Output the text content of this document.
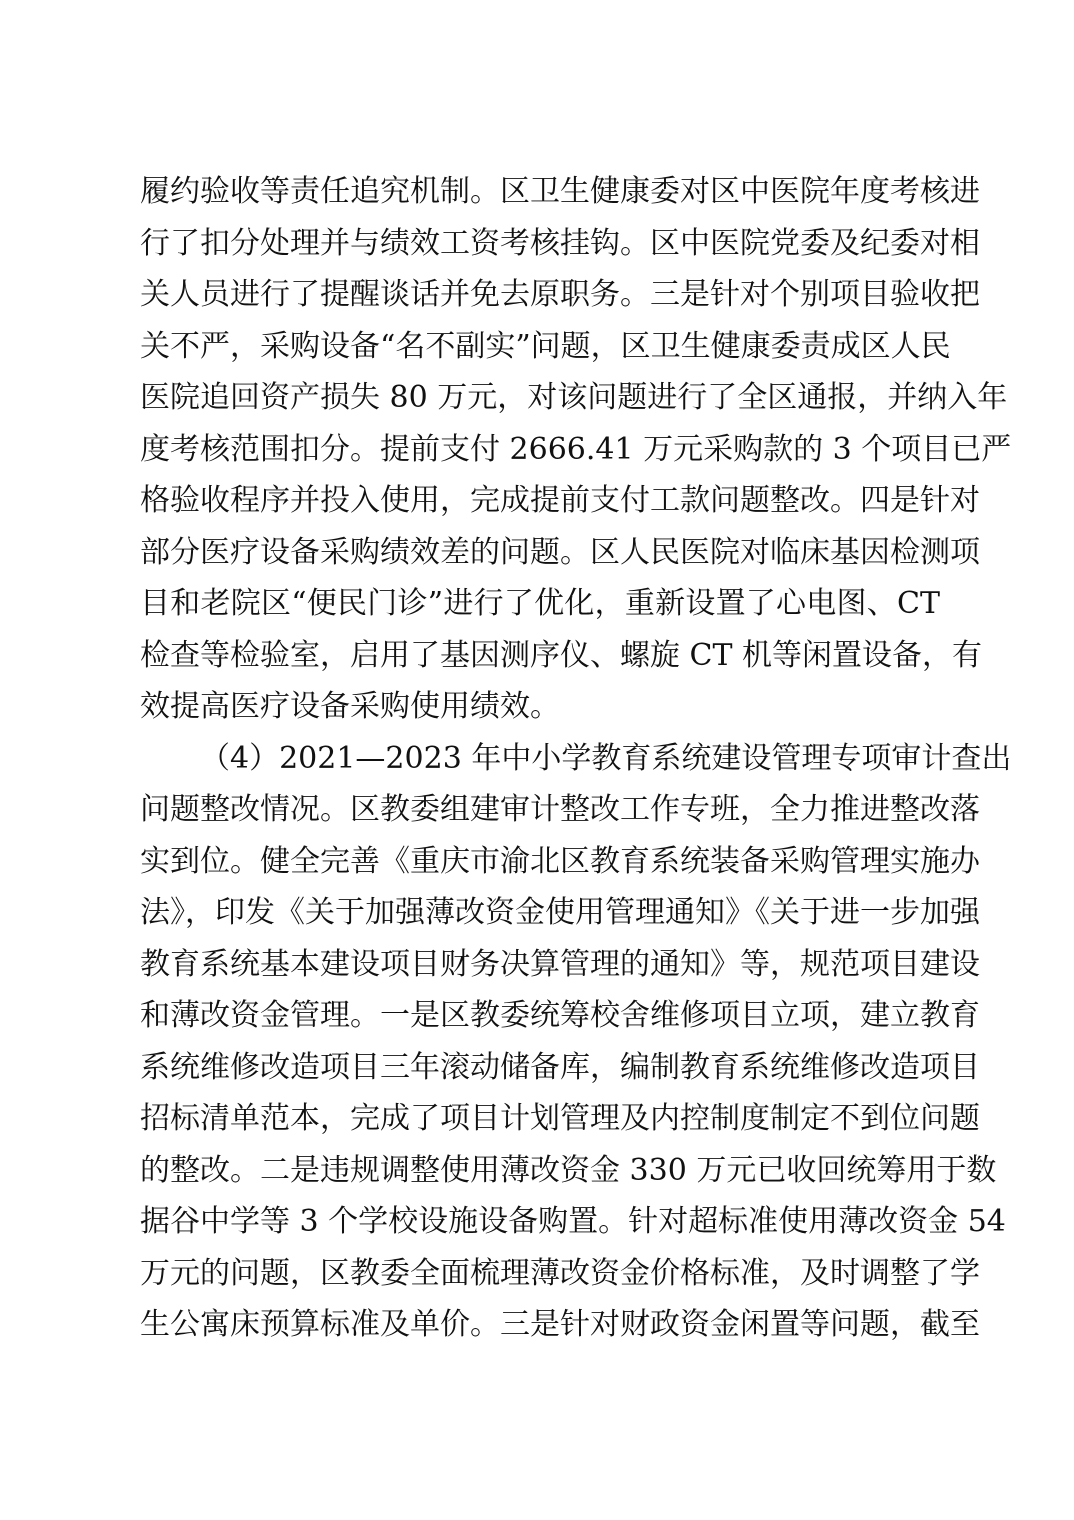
履约验收等责任追究机制。区卫生健康委对区中医院年度考核进
行了扣分处理并与绩效工资考核挂钩。区中医院党委及纪委对相
关人员进行了提醒谈话并免去原职务。三是针对个别项目验收把
关不严，采购设备“名不副实”问题，区卫生健康委责成区人民
医院追回资产损失 80 万元，对该问题进行了全区通报，并纳入年
度考核范围扣分。提前支付 2666.41 万元采购款的 3 个项目已严
格验收程序并投入使用，完成提前支付工款问题整改。四是针对
部分医疗设备采购绩效差的问题。区人民医院对临床基因检测项
目和老院区“便民门诊”进行了优化，重新设置了心电图、CT
检查等检验室，启用了基因测序仪、螺旋 CT 机等闲置设备，有
效提高医疗设备采购使用绩效。
（4）2021—2023 年中小学教育系统建设管理专项审计查出
问题整改情况。区教委组建审计整改工作专班，全力推进整改落
实到位。健全完善《重庆市渝北区教育系统装备采购管理实施办
法》，印发《关于加强薄改资金使用管理通知》《关于进一步加强
教育系统基本建设项目财务决算管理的通知》等，规范项目建设
和薄改资金管理。一是区教委统筹校舍维修项目立项，建立教育
系统维修改造项目三年滚动储备库，编制教育系统维修改造项目
招标清单范本，完成了项目计划管理及内控制度制定不到位问题
的整改。二是违规调整使用薄改资金 330 万元已收回统筹用于数
据谷中学等 3 个学校设施设备购置。针对超标准使用薄改资金 54
万元的问题，区教委全面梳理薄改资金价格标准，及时调整了学
生公寓床预算标准及单价。三是针对财政资金闲置等问题，截至
